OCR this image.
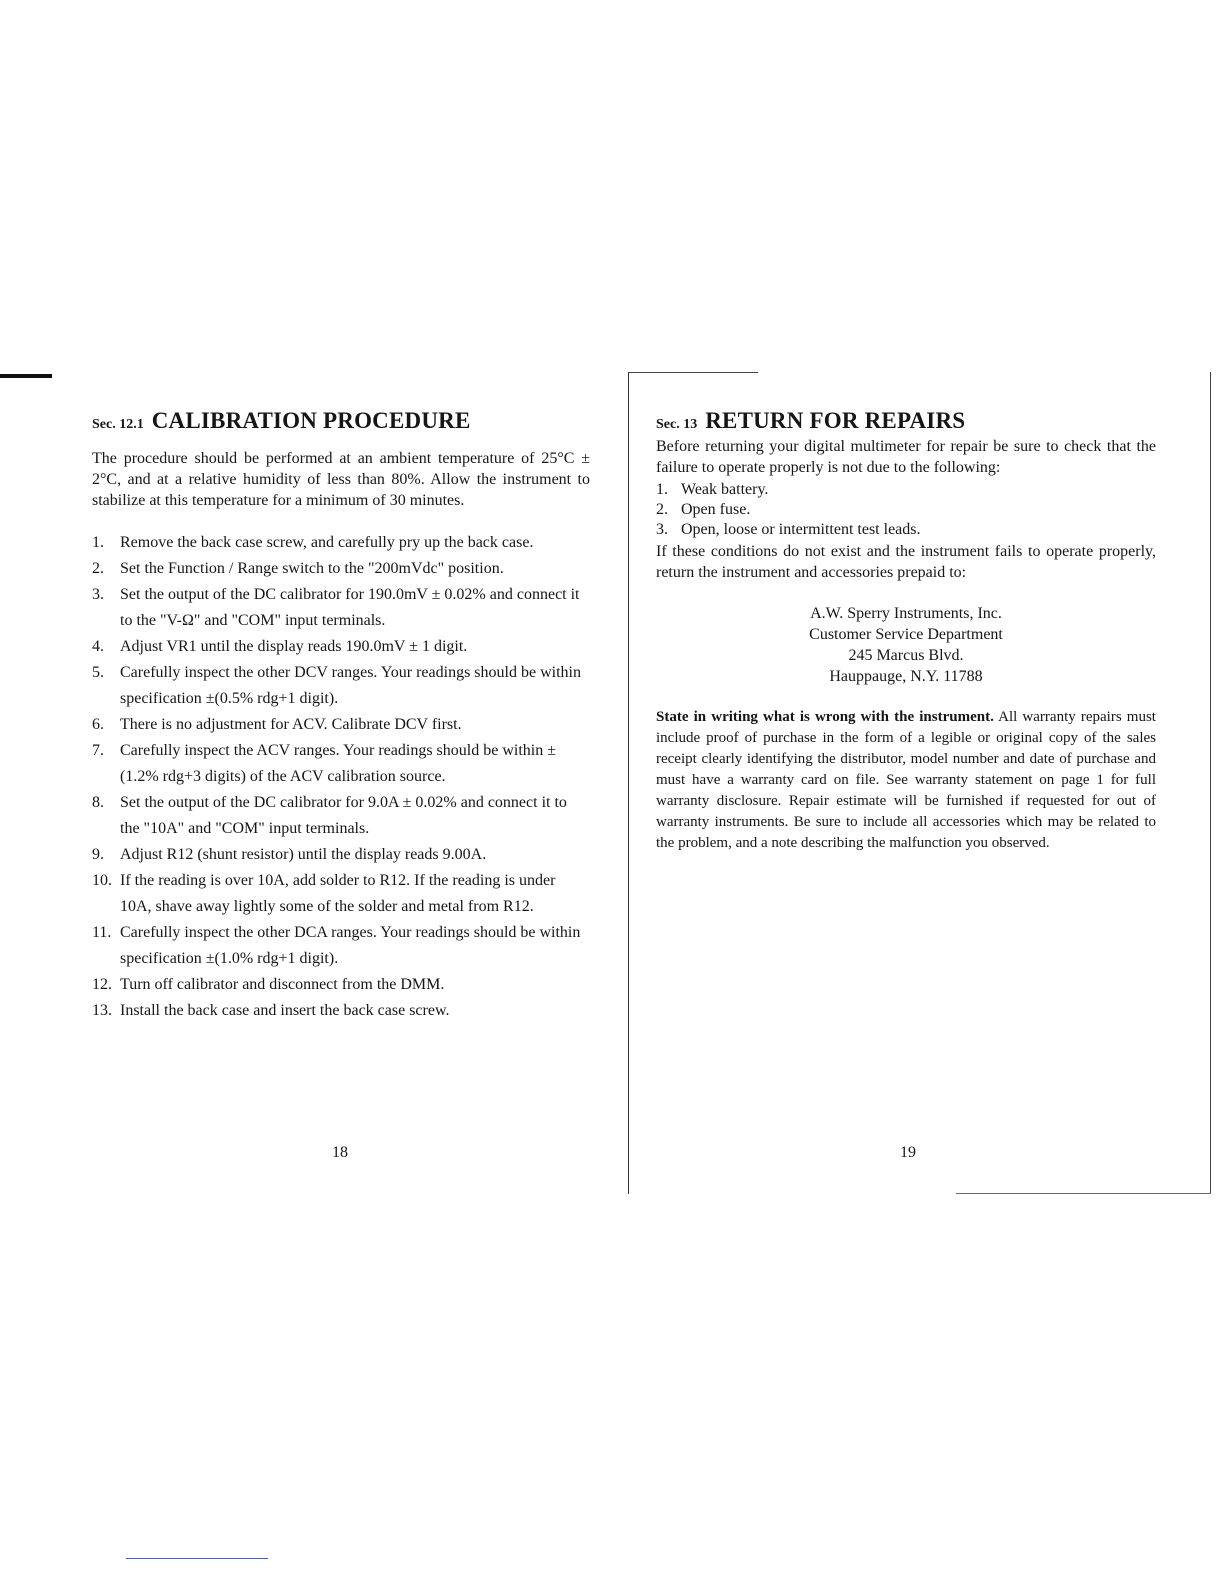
Sec. 12.1 CALIBRATION PROCEDURE
The procedure should be performed at an ambient temperature of 25°C ± 2°C, and at a relative humidity of less than 80%. Allow the instrument to stabilize at this temperature for a minimum of 30 minutes.
1.	Remove the back case screw, and carefully pry up the back case.
2.	Set the Function / Range switch to the "200mVdc" position.
3.	Set the output of the DC calibrator for 190.0mV ± 0.02% and connect it to the "V-Ω" and "COM" input terminals.
4.	Adjust VR1 until the display reads 190.0mV ± 1 digit.
5.	Carefully inspect the other DCV ranges. Your readings should be within specification ±(0.5% rdg+1 digit).
6.	There is no adjustment for ACV. Calibrate DCV first.
7.	Carefully inspect the ACV ranges. Your readings should be within ±(1.2% rdg+3 digits) of the ACV calibration source.
8.	Set the output of the DC calibrator for 9.0A ± 0.02% and connect it to the "10A" and "COM" input terminals.
9.	Adjust R12 (shunt resistor) until the display reads 9.00A.
10. If the reading is over 10A, add solder to R12. If the reading is under 10A, shave away lightly some of the solder and metal from R12.
11. Carefully inspect the other DCA ranges. Your readings should be within specification ±(1.0% rdg+1 digit).
12. Turn off calibrator and disconnect from the DMM.
13. Install the back case and insert the back case screw.
18
Sec. 13 RETURN FOR REPAIRS
Before returning your digital multimeter for repair be sure to check that the failure to operate properly is not due to the following:
1. Weak battery.
2. Open fuse.
3. Open, loose or intermittent test leads.
If these conditions do not exist and the instrument fails to operate properly, return the instrument and accessories prepaid to:
A.W. Sperry Instruments, Inc.
Customer Service Department
245 Marcus Blvd.
Hauppauge, N.Y. 11788
State in writing what is wrong with the instrument. All warranty repairs must include proof of purchase in the form of a legible or original copy of the sales receipt clearly identifying the distributor, model number and date of purchase and must have a warranty card on file. See warranty statement on page 1 for full warranty disclosure. Repair estimate will be furnished if requested for out of warranty instruments. Be sure to include all accessories which may be related to the problem, and a note describing the malfunction you observed.
19
